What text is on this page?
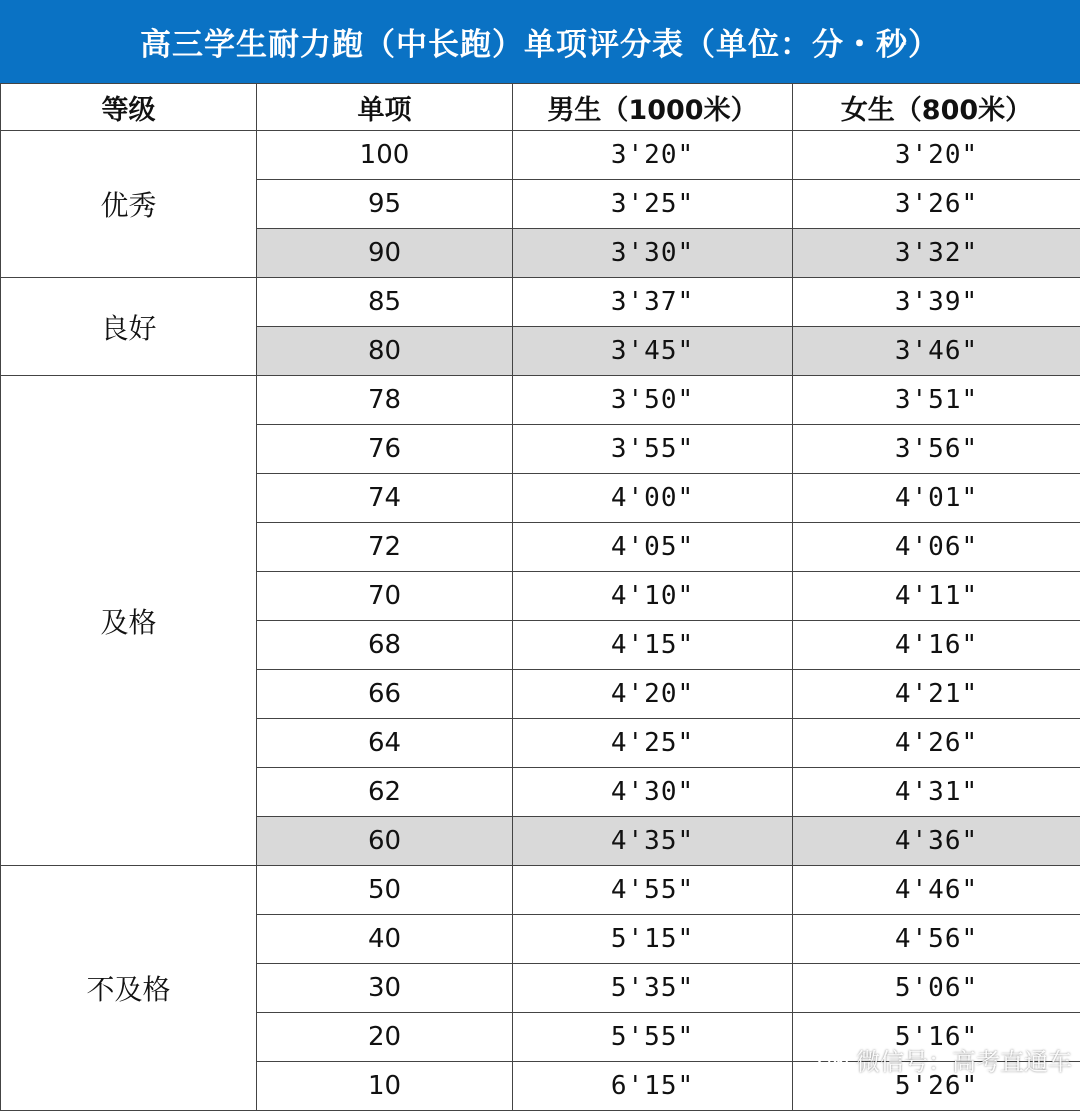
高三学生耐力跑（中长跑）单项评分表（单位：分・秒）
等级	单项	男生（1000米）	女生（800米）
优秀	100	3'20"	3'20"
	95	3'25"	3'26"
	90	3'30"	3'32"
良好	85	3'37"	3'39"
	80	3'45"	3'46"
及格	78	3'50"	3'51"
	76	3'55"	3'56"
	74	4'00"	4'01"
	72	4'05"	4'06"
	70	4'10"	4'11"
	68	4'15"	4'16"
	66	4'20"	4'21"
	64	4'25"	4'26"
	62	4'30"	4'31"
	60	4'35"	4'36"
不及格	50	4'55"	4'46"
	40	5'15"	4'56"
	30	5'35"	5'06"
	20	5'55"	5'16"
	10	6'15"	5'26"
微信号：高考直通车
